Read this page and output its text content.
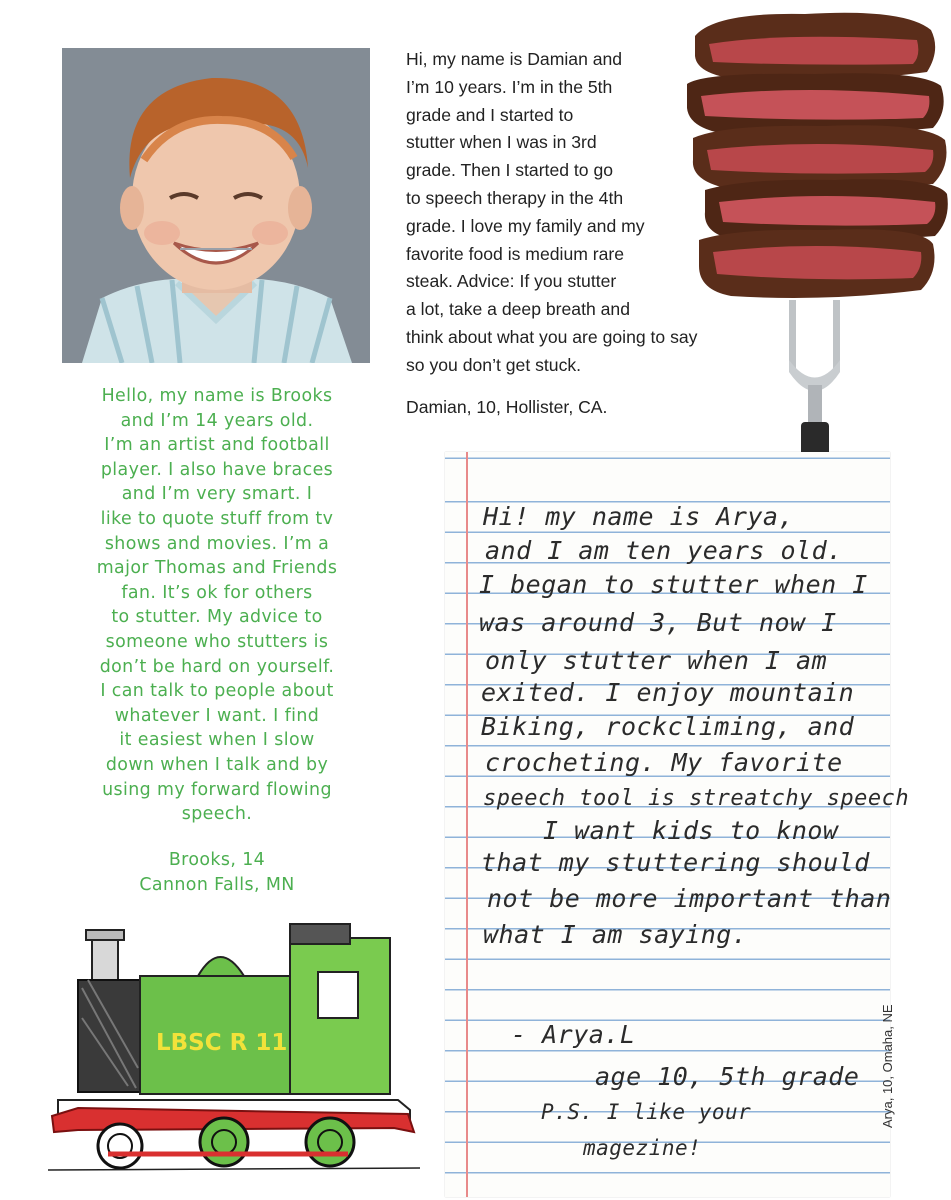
Hello, my name is Brooks
and I’m 14 years old.
I’m an artist and football
player. I also have braces
and I’m very smart. I
like to quote stuff from tv
shows and movies. I’m a
major Thomas and Friends
fan. It’s ok for others
to stutter. My advice to
someone who stutters is
don’t be hard on yourself.
I can talk to people about
whatever I want. I find
it easiest when I slow
down when I talk and by
using my forward flowing
speech.
Brooks, 14
Cannon Falls, MN
LBSC R 11
Hi, my name is Damian and
I’m 10 years. I’m in the 5th
grade and I started to
stutter when I was in 3rd
grade. Then I started to go
to speech therapy in the 4th
grade. I love my family and my
favorite food is medium rare
steak. Advice: If you stutter
a lot, take a deep breath and
think about what you are going to say
so you don’t get stuck.
Damian, 10, Hollister, CA.
Hi! my name is Arya,
and I am ten years old.
I began to stutter when I
was around 3, But now I
only stutter when I am
exited. I enjoy mountain
Biking, rockcliming, and
crocheting. My favorite
speech tool is streatchy speech
I want kids to know
that my stuttering should
not be more important than
what I am saying.
- Arya.L
age 10, 5th grade
P.S. I like your
magezine!
Arya, 10, Omaha, NE
